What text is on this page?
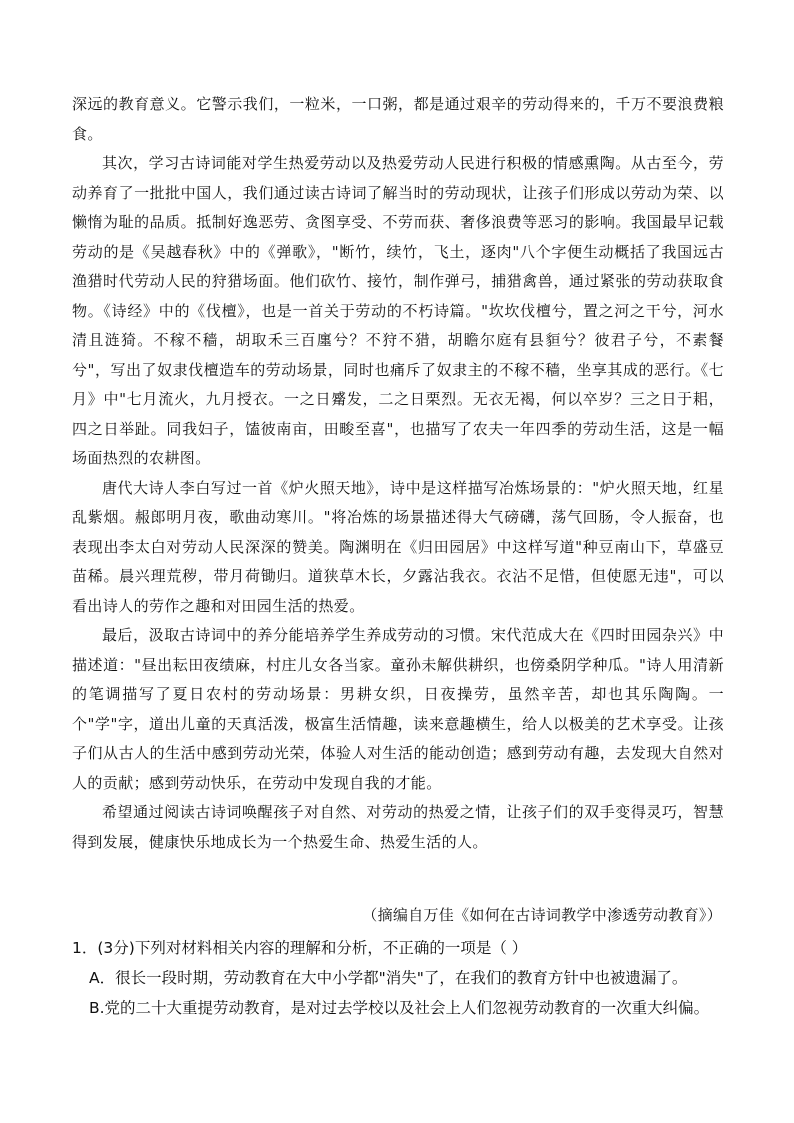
深远的教育意义。它警示我们，一粒米，一口粥，都是通过艰辛的劳动得来的，千万不要浪费粮食。

其次，学习古诗词能对学生热爱劳动以及热爱劳动人民进行积极的情感熏陶。从古至今，劳动养育了一批批中国人，我们通过读古诗词了解当时的劳动现状，让孩子们形成以劳动为荣、以懒惰为耻的品质。抵制好逸恶劳、贪图享受、不劳而获、奢侈浪费等恶习的影响。我国最早记载劳动的是《吴越春秋》中的《弹歌》，"断竹，续竹，飞土，逐肉"八个字便生动概括了我国远古渔猎时代劳动人民的狩猎场面。他们砍竹、接竹，制作弹弓，捕猎禽兽，通过紧张的劳动获取食物。《诗经》中的《伐檀》，也是一首关于劳动的不朽诗篇。"坎坎伐檀兮，置之河之干兮，河水清且涟猗。不稼不穑，胡取禾三百廛兮？不狩不猎，胡瞻尔庭有县貆兮？彼君子兮，不素餐兮"，写出了奴隶伐檀造车的劳动场景，同时也痛斥了奴隶主的不稼不穑，坐享其成的恶行。《七月》中"七月流火，九月授衣。一之日觱发，二之日栗烈。无衣无褐，何以卒岁？三之日于耜，四之日举趾。同我妇子，馌彼南亩，田畯至喜"，也描写了农夫一年四季的劳动生活，这是一幅场面热烈的农耕图。

唐代大诗人李白写过一首《炉火照天地》，诗中是这样描写冶炼场景的："炉火照天地，红星乱紫烟。赧郎明月夜，歌曲动寒川。"将冶炼的场景描述得大气磅礴，荡气回肠，令人振奋，也表现出李太白对劳动人民深深的赞美。陶渊明在《归田园居》中这样写道"种豆南山下，草盛豆苗稀。晨兴理荒秽，带月荷锄归。道狭草木长，夕露沾我衣。衣沾不足惜，但使愿无违"，可以看出诗人的劳作之趣和对田园生活的热爱。

最后，汲取古诗词中的养分能培养学生养成劳动的习惯。宋代范成大在《四时田园杂兴》中描述道："昼出耘田夜绩麻，村庄儿女各当家。童孙未解供耕织，也傍桑阴学种瓜。"诗人用清新的笔调描写了夏日农村的劳动场景：男耕女织，日夜操劳，虽然辛苦，却也其乐陶陶。一个"学"字，道出儿童的天真活泼，极富生活情趣，读来意趣横生，给人以极美的艺术享受。让孩子们从古人的生活中感到劳动光荣，体验人对生活的能动创造；感到劳动有趣，去发现大自然对人的贡献；感到劳动快乐，在劳动中发现自我的才能。

希望通过阅读古诗词唤醒孩子对自然、对劳动的热爱之情，让孩子们的双手变得灵巧，智慧得到发展，健康快乐地成长为一个热爱生命、热爱生活的人。

（摘编自万佳《如何在古诗词教学中渗透劳动教育》）

1．(3分)下列对材料相关内容的理解和分析，不正确的一项是（ ）

A．很长一段时期，劳动教育在大中小学都"消失"了，在我们的教育方针中也被遗漏了。

B.党的二十大重提劳动教育，是对过去学校以及社会上人们忽视劳动教育的一次重大纠偏。
